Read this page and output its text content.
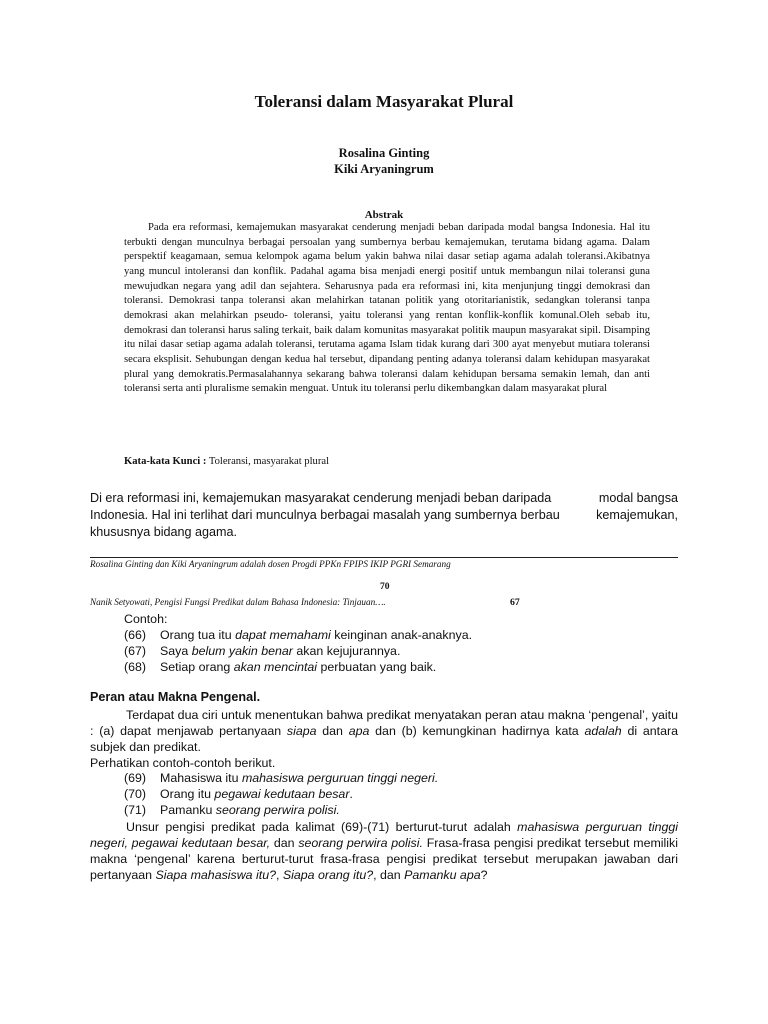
Toleransi dalam Masyarakat Plural
Rosalina Ginting
Kiki Aryaningrum
Abstrak

Pada era reformasi, kemajemukan masyarakat cenderung menjadi beban daripada modal bangsa Indonesia. Hal itu terbukti dengan munculnya berbagai persoalan yang sumbernya berbau kemajemukan, terutama bidang agama. Dalam perspektif keagamaan, semua kelompok agama belum yakin bahwa nilai dasar setiap agama adalah toleransi.Akibatnya yang muncul intoleransi dan konflik. Padahal agama bisa menjadi energi positif untuk membangun nilai toleransi guna mewujudkan negara yang adil dan sejahtera. Seharusnya pada era reformasi ini, kita menjunjung tinggi demokrasi dan toleransi. Demokrasi tanpa toleransi akan melahirkan tatanan politik yang otoritarianistik, sedangkan toleransi tanpa demokrasi akan melahirkan pseudo- toleransi, yaitu toleransi yang rentan konflik-konflik komunal.Oleh sebab itu, demokrasi dan toleransi harus saling terkait, baik dalam komunitas masyarakat politik maupun masyarakat sipil. Disamping itu nilai dasar setiap agama adalah toleransi, terutama agama Islam tidak kurang dari 300 ayat menyebut mutiara toleransi secara eksplisit. Sehubungan dengan kedua hal tersebut, dipandang penting adanya toleransi dalam kehidupan masyarakat plural yang demokratis.Permasalahannya sekarang bahwa toleransi dalam kehidupan bersama semakin lemah, dan anti toleransi serta anti pluralisme semakin menguat. Untuk itu toleransi perlu dikembangkan dalam masyarakat plural

Kata-kata Kunci : Toleransi, masyarakat plural
Di era reformasi ini, kemajemukan masyarakat cenderung menjadi beban daripada	modal bangsa
Indonesia. Hal ini terlihat dari munculnya berbagai masalah yang sumbernya berbau	kemajemukan,
khususnya bidang agama.
Rosalina Ginting dan Kiki Aryaningrum adalah dosen Progdi PPKn FPIPS IKIP PGRI Semarang
70
Nanik Setyowati, Pengisi Fungsi Predikat dalam Bahasa Indonesia: Tinjauan….	67
Contoh:
(66) Orang tua itu dapat memahami keinginan anak-anaknya.
(67) Saya belum yakin benar akan kejujurannya.
(68) Setiap orang akan mencintai perbuatan yang baik.
Peran atau Makna Pengenal.

Terdapat dua ciri untuk menentukan bahwa predikat menyatakan peran atau makna ‘pengenal’, yaitu : (a) dapat menjawab pertanyaan siapa dan apa dan (b) kemungkinan hadirnya kata adalah di antara subjek dan predikat.

Perhatikan contoh-contoh berikut.
(69) Mahasiswa itu mahasiswa perguruan tinggi negeri.
(70) Orang itu pegawai kedutaan besar.
(71) Pamanku seorang perwira polisi.

Unsur pengisi predikat pada kalimat (69)-(71) berturut-turut adalah mahasiswa perguruan tinggi negeri, pegawai kedutaan besar, dan seorang perwira polisi. Frasa-frasa pengisi predikat tersebut memiliki makna ‘pengenal’ karena berturut-turut frasa-frasa pengisi predikat tersebut merupakan jawaban dari pertanyaan Siapa mahasiswa itu?, Siapa orang itu?, dan Pamanku apa?
